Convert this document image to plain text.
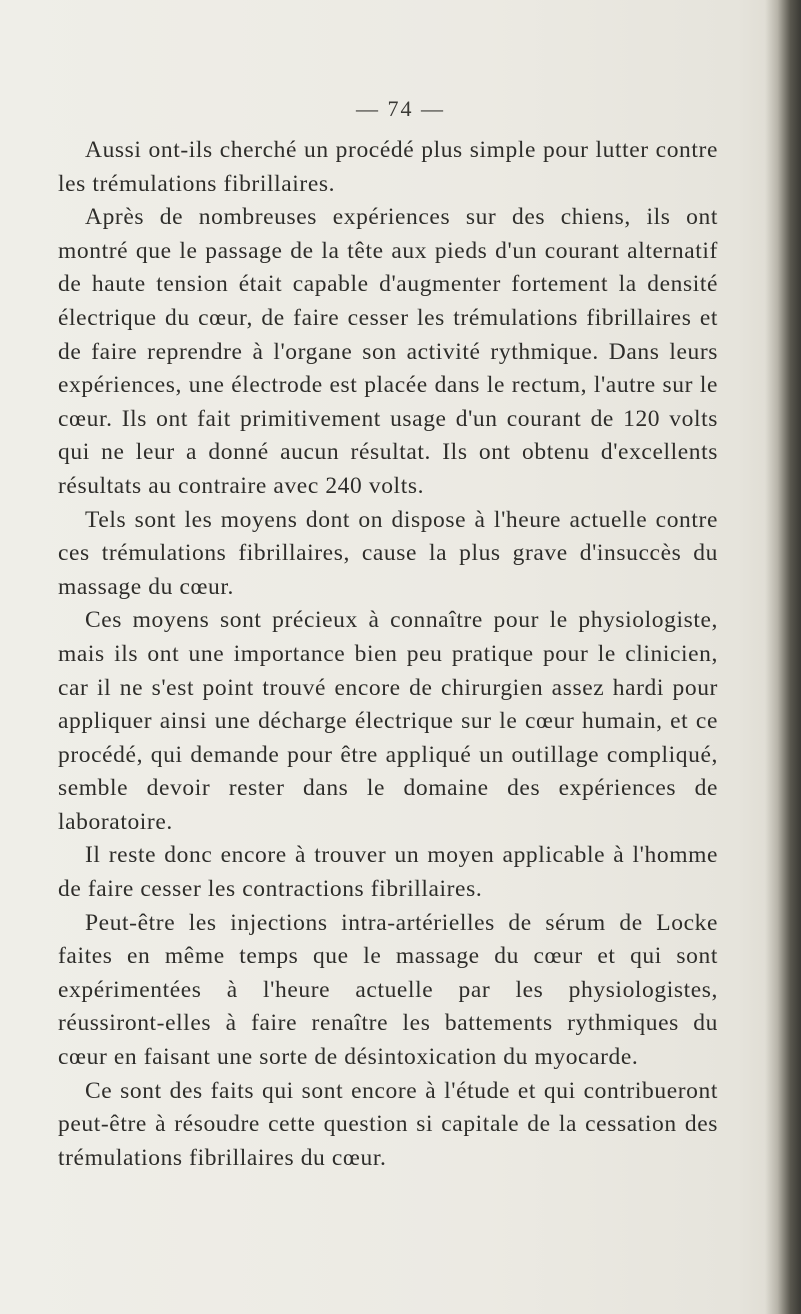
— 74 —

Aussi ont-ils cherché un procédé plus simple pour lutter contre les trémulations fibrillaires.

Après de nombreuses expériences sur des chiens, ils ont montré que le passage de la tête aux pieds d'un courant alternatif de haute tension était capable d'augmenter fortement la densité électrique du cœur, de faire cesser les trémulations fibrillaires et de faire reprendre à l'organe son activité rythmique. Dans leurs expériences, une électrode est placée dans le rectum, l'autre sur le cœur. Ils ont fait primitivement usage d'un courant de 120 volts qui ne leur a donné aucun résultat. Ils ont obtenu d'excellents résultats au contraire avec 240 volts.

Tels sont les moyens dont on dispose à l'heure actuelle contre ces trémulations fibrillaires, cause la plus grave d'insuccès du massage du cœur.

Ces moyens sont précieux à connaître pour le physiologiste, mais ils ont une importance bien peu pratique pour le clinicien, car il ne s'est point trouvé encore de chirurgien assez hardi pour appliquer ainsi une décharge électrique sur le cœur humain, et ce procédé, qui demande pour être appliqué un outillage compliqué, semble devoir rester dans le domaine des expériences de laboratoire.

Il reste donc encore à trouver un moyen applicable à l'homme de faire cesser les contractions fibrillaires.

Peut-être les injections intra-artérielles de sérum de Locke faites en même temps que le massage du cœur et qui sont expérimentées à l'heure actuelle par les physiologistes, réussiront-elles à faire renaître les battements rythmiques du cœur en faisant une sorte de désintoxication du myocarde.

Ce sont des faits qui sont encore à l'étude et qui contribueront peut-être à résoudre cette question si capitale de la cessation des trémulations fibrillaires du cœur.
